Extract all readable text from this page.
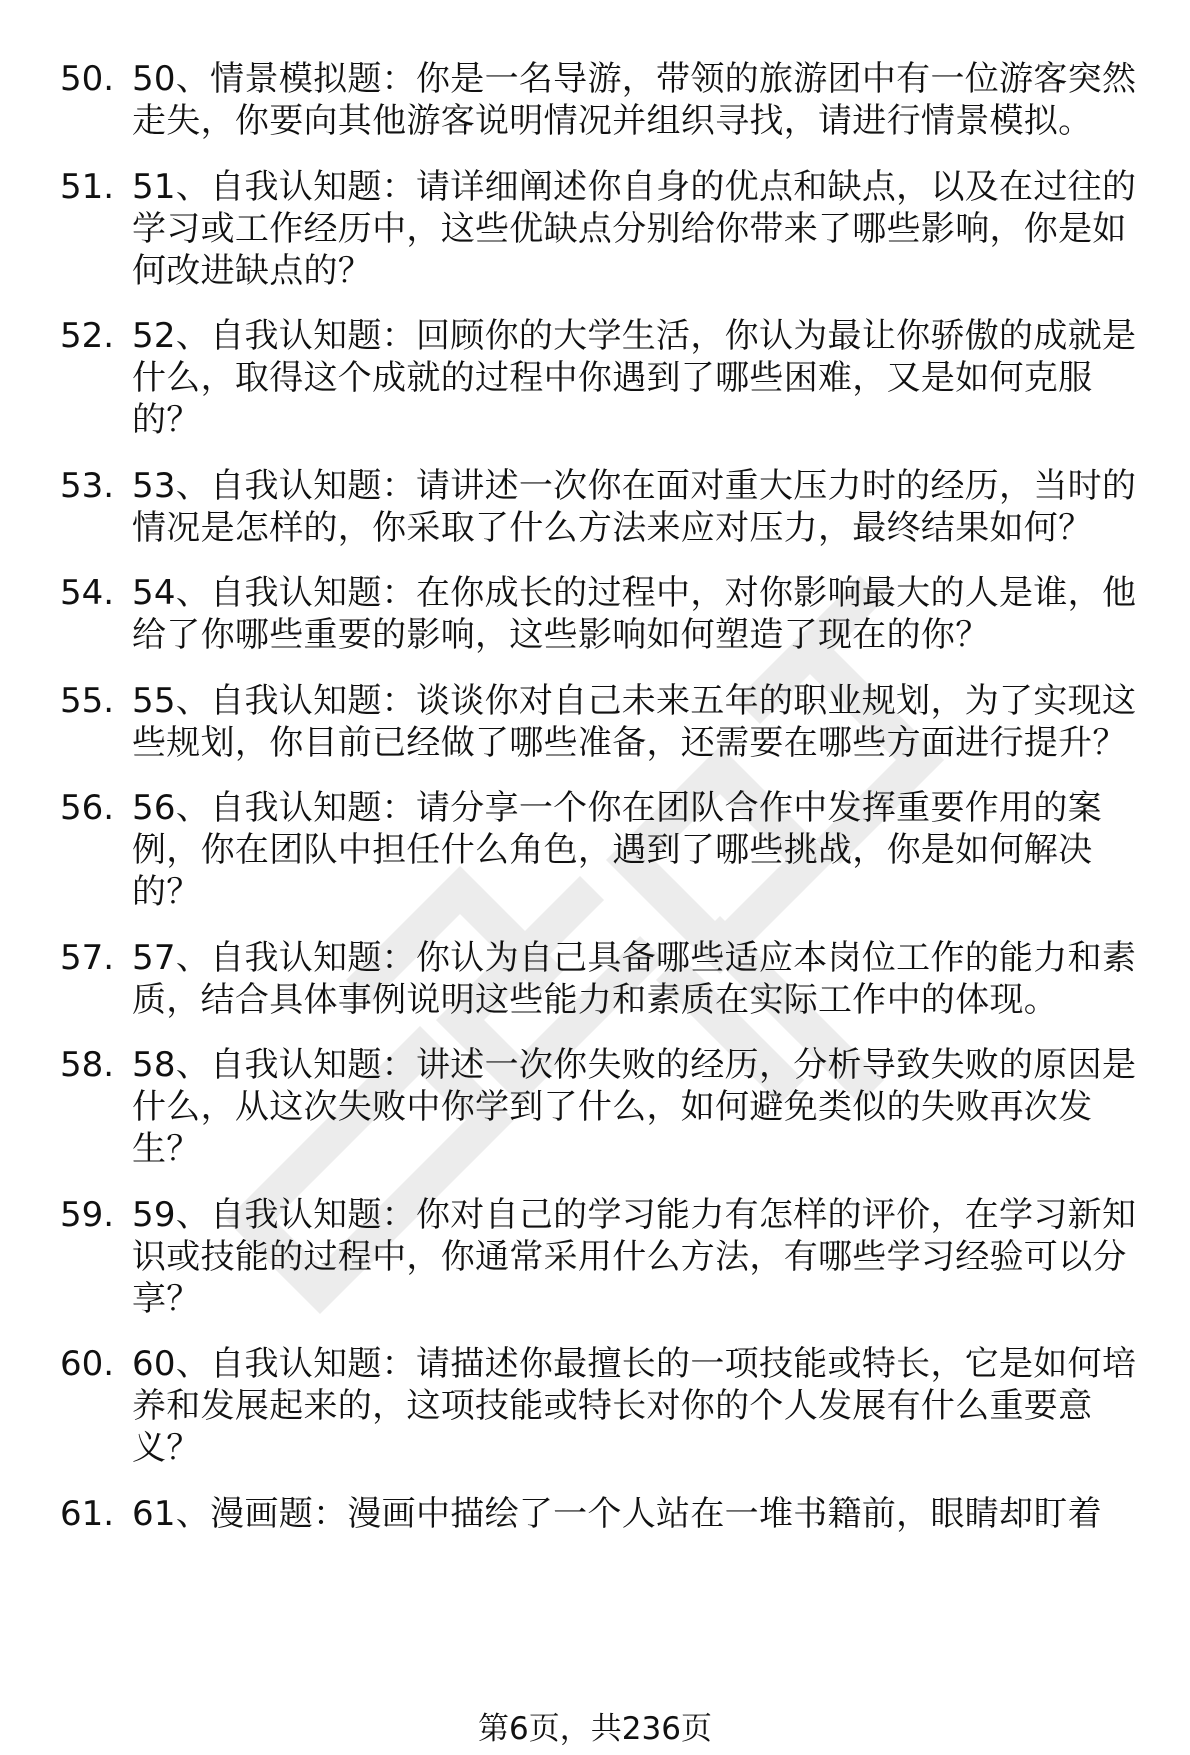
50. 50、情景模拟题：你是一名导游，带领的旅游团中有一位游客突然走失，你要向其他游客说明情况并组织寻找，请进行情景模拟。
51. 51、自我认知题：请详细阐述你自身的优点和缺点，以及在过往的学习或工作经历中，这些优缺点分别给你带来了哪些影响，你是如何改进缺点的？
52. 52、自我认知题：回顾你的大学生活，你认为最让你骄傲的成就是什么，取得这个成就的过程中你遇到了哪些困难，又是如何克服的？
53. 53、自我认知题：请讲述一次你在面对重大压力时的经历，当时的情况是怎样的，你采取了什么方法来应对压力，最终结果如何？
54. 54、自我认知题：在你成长的过程中，对你影响最大的人是谁，他给了你哪些重要的影响，这些影响如何塑造了现在的你？
55. 55、自我认知题：谈谈你对自己未来五年的职业规划，为了实现这些规划，你目前已经做了哪些准备，还需要在哪些方面进行提升？
56. 56、自我认知题：请分享一个你在团队合作中发挥重要作用的案例，你在团队中担任什么角色，遇到了哪些挑战，你是如何解决的？
57. 57、自我认知题：你认为自己具备哪些适应本岗位工作的能力和素质，结合具体事例说明这些能力和素质在实际工作中的体现。
58. 58、自我认知题：讲述一次你失败的经历，分析导致失败的原因是什么，从这次失败中你学到了什么，如何避免类似的失败再次发生？
59. 59、自我认知题：你对自己的学习能力有怎样的评价，在学习新知识或技能的过程中，你通常采用什么方法，有哪些学习经验可以分享？
60. 60、自我认知题：请描述你最擅长的一项技能或特长，它是如何培养和发展起来的，这项技能或特长对你的个人发展有什么重要意义？
61. 61、漫画题：漫画中描绘了一个人站在一堆书籍前，眼睛却盯着
第6页，共236页
